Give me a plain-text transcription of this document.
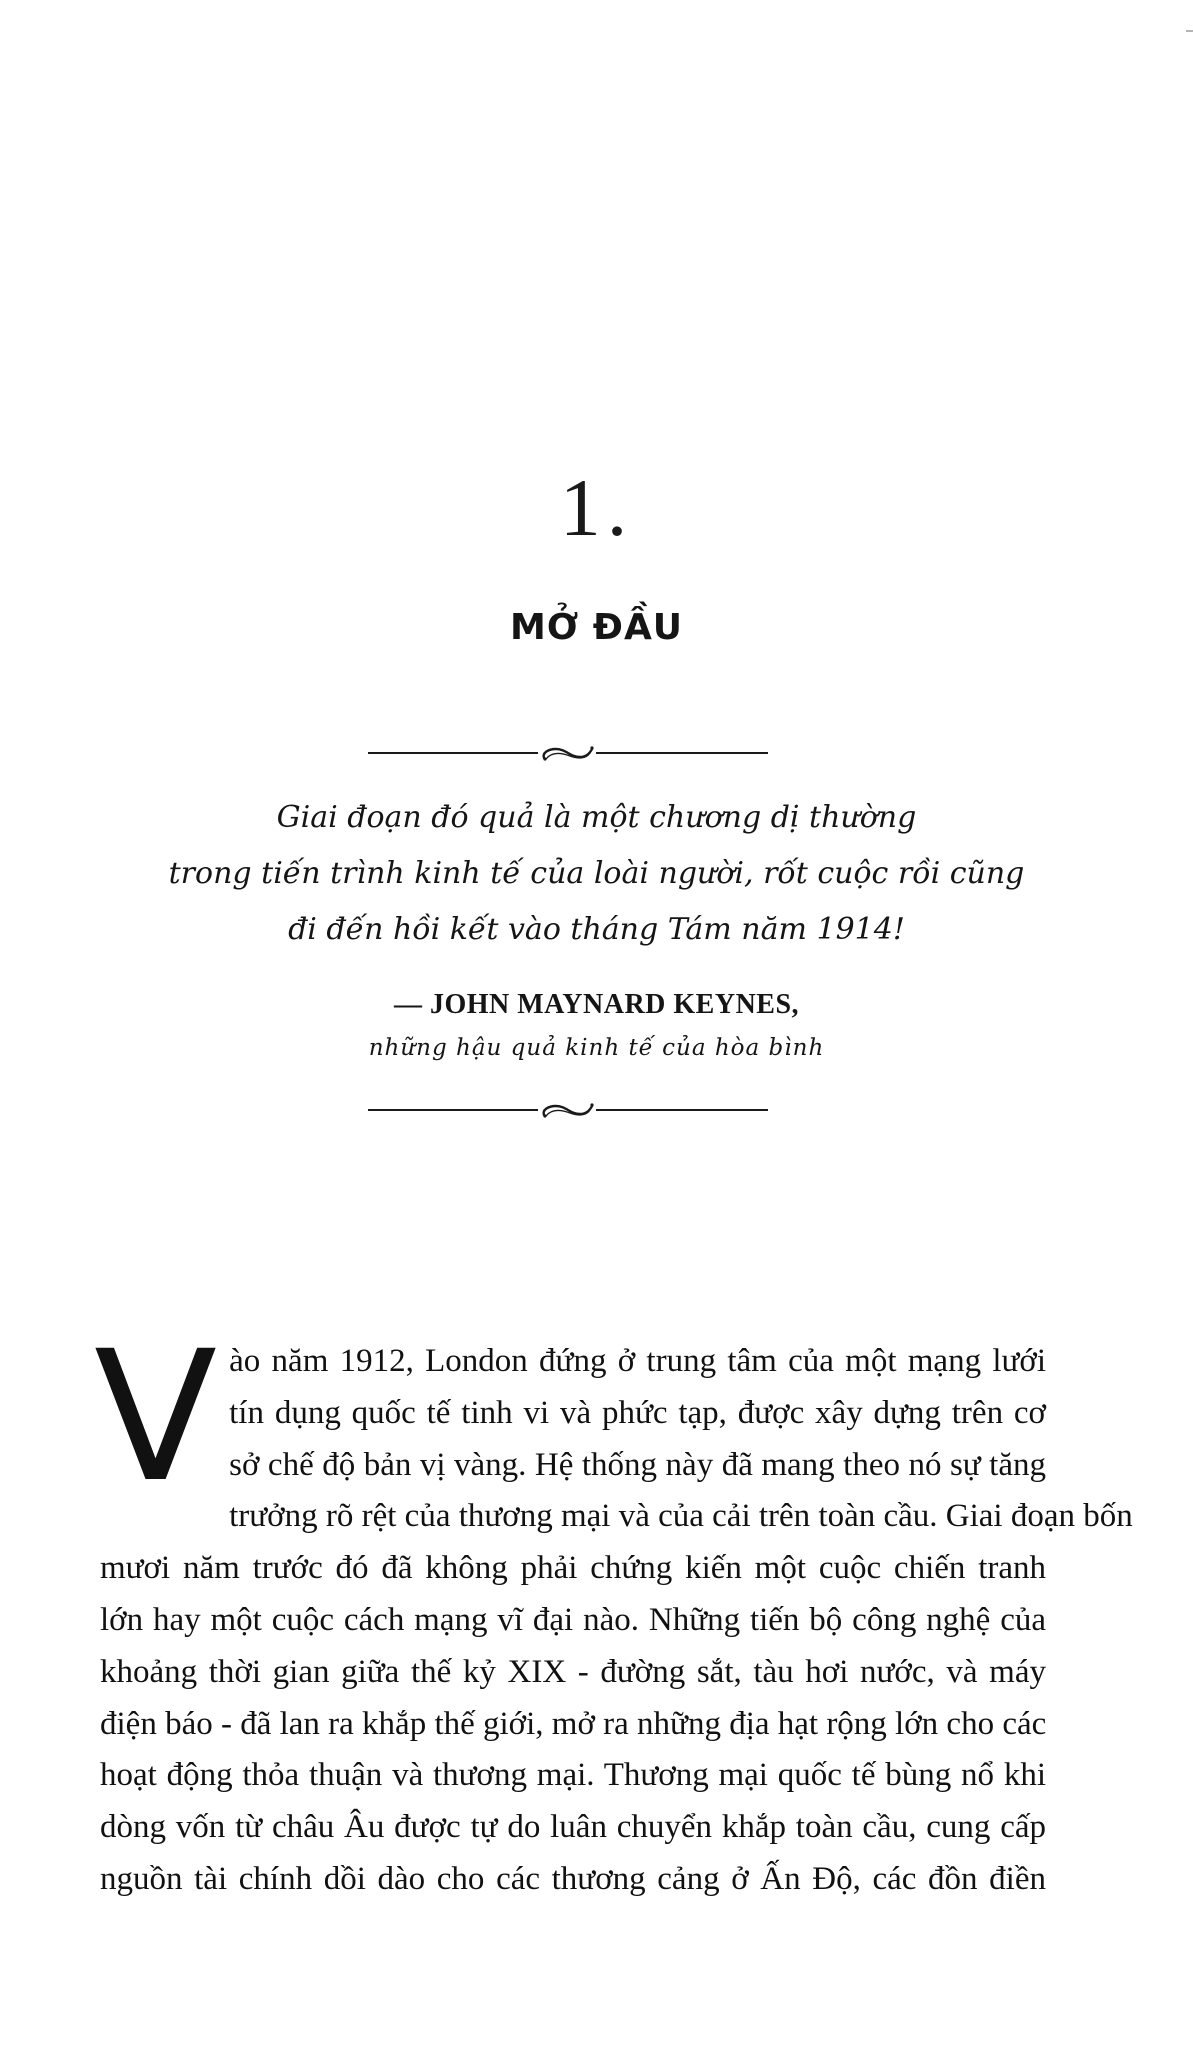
1.
MỞ ĐẦU
Giai đoạn đó quả là một chương dị thường
trong tiến trình kinh tế của loài người, rốt cuộc rồi cũng
đi đến hồi kết vào tháng Tám năm 1914!
— JOHN MAYNARD KEYNES,
những hậu quả kinh tế của hòa bình
V ào năm 1912, London đứng ở trung tâm của một mạng lưới
tín dụng quốc tế tinh vi và phức tạp, được xây dựng trên cơ
sở chế độ bản vị vàng. Hệ thống này đã mang theo nó sự tăng
trưởng rõ rệt của thương mại và của cải trên toàn cầu. Giai đoạn bốn
mươi năm trước đó đã không phải chứng kiến một cuộc chiến tranh
lớn hay một cuộc cách mạng vĩ đại nào. Những tiến bộ công nghệ của
khoảng thời gian giữa thế kỷ XIX - đường sắt, tàu hơi nước, và máy
điện báo - đã lan ra khắp thế giới, mở ra những địa hạt rộng lớn cho các
hoạt động thỏa thuận và thương mại. Thương mại quốc tế bùng nổ khi
dòng vốn từ châu Âu được tự do luân chuyển khắp toàn cầu, cung cấp
nguồn tài chính dồi dào cho các thương cảng ở Ấn Độ, các đồn điền
